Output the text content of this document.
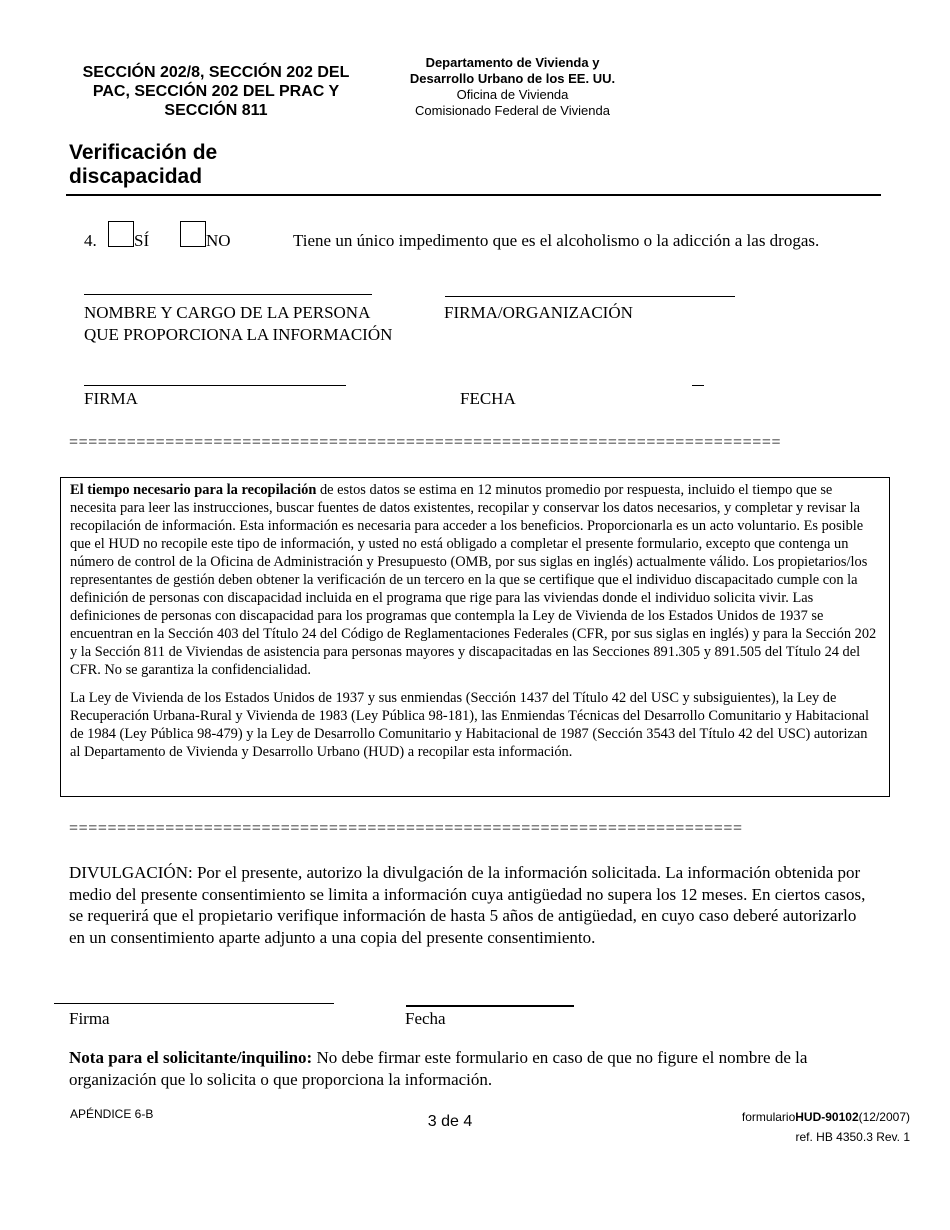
SECCIÓN 202/8, SECCIÓN 202 DEL PAC, SECCIÓN 202 DEL PRAC Y SECCIÓN 811
Departamento de Vivienda y
Desarrollo Urbano de los EE. UU.
Oficina de Vivienda
Comisionado Federal de Vivienda
Verificación de discapacidad
4. SÍ	NO	Tiene un único impedimento que es el alcoholismo o la adicción a las drogas.
NOMBRE Y CARGO DE LA PERSONA
QUE PROPORCIONA LA INFORMACIÓN
FIRMA/ORGANIZACIÓN
FIRMA	FECHA
==========================================================================

El tiempo necesario para la recopilación de estos datos se estima en 12 minutos promedio por respuesta, incluido el tiempo que se necesita para leer las instrucciones, buscar fuentes de datos existentes, recopilar y conservar los datos necesarios, y completar y revisar la recopilación de información. Esta información es necesaria para acceder a los beneficios. Proporcionarla es un acto voluntario. Es posible que el HUD no recopile este tipo de información, y usted no está obligado a completar el presente formulario, excepto que contenga un número de control de la Oficina de Administración y Presupuesto (OMB, por sus siglas en inglés) actualmente válido. Los propietarios/los representantes de gestión deben obtener la verificación de un tercero en la que se certifique que el individuo discapacitado cumple con la definición de personas con discapacidad incluida en el programa que rige para las viviendas donde el individuo solicita vivir. Las definiciones de personas con discapacidad para los programas que contempla la Ley de Vivienda de los Estados Unidos de 1937 se encuentran en la Sección 403 del Título 24 del Código de Reglamentaciones Federales (CFR, por sus siglas en inglés) y para la Sección 202 y la Sección 811 de Viviendas de asistencia para personas mayores y discapacitadas en las Secciones 891.305 y 891.505 del Título 24 del CFR. No se garantiza la confidencialidad.

La Ley de Vivienda de los Estados Unidos de 1937 y sus enmiendas (Sección 1437 del Título 42 del USC y subsiguientes), la Ley de Recuperación Urbana-Rural y Vivienda de 1983 (Ley Pública 98-181), las Enmiendas Técnicas del Desarrollo Comunitario y Habitacional de 1984 (Ley Pública 98-479) y la Ley de Desarrollo Comunitario y Habitacional de 1987 (Sección 3543 del Título 42 del USC) autorizan al Departamento de Vivienda y Desarrollo Urbano (HUD) a recopilar esta información.

======================================================================
DIVULGACIÓN: Por el presente, autorizo la divulgación de la información solicitada. La información obtenida por medio del presente consentimiento se limita a información cuya antigüedad no supera los 12 meses. En ciertos casos, se requerirá que el propietario verifique información de hasta 5 años de antigüedad, en cuyo caso deberé autorizarlo en un consentimiento aparte adjunto a una copia del presente consentimiento.
Firma	Fecha
Nota para el solicitante/inquilino: No debe firmar este formulario en caso de que no figure el nombre de la organización que lo solicita o que proporciona la información.
APÉNDICE 6-B	3 de 4	formularioHUD-90102(12/2007)
ref. HB 4350.3 Rev. 1
